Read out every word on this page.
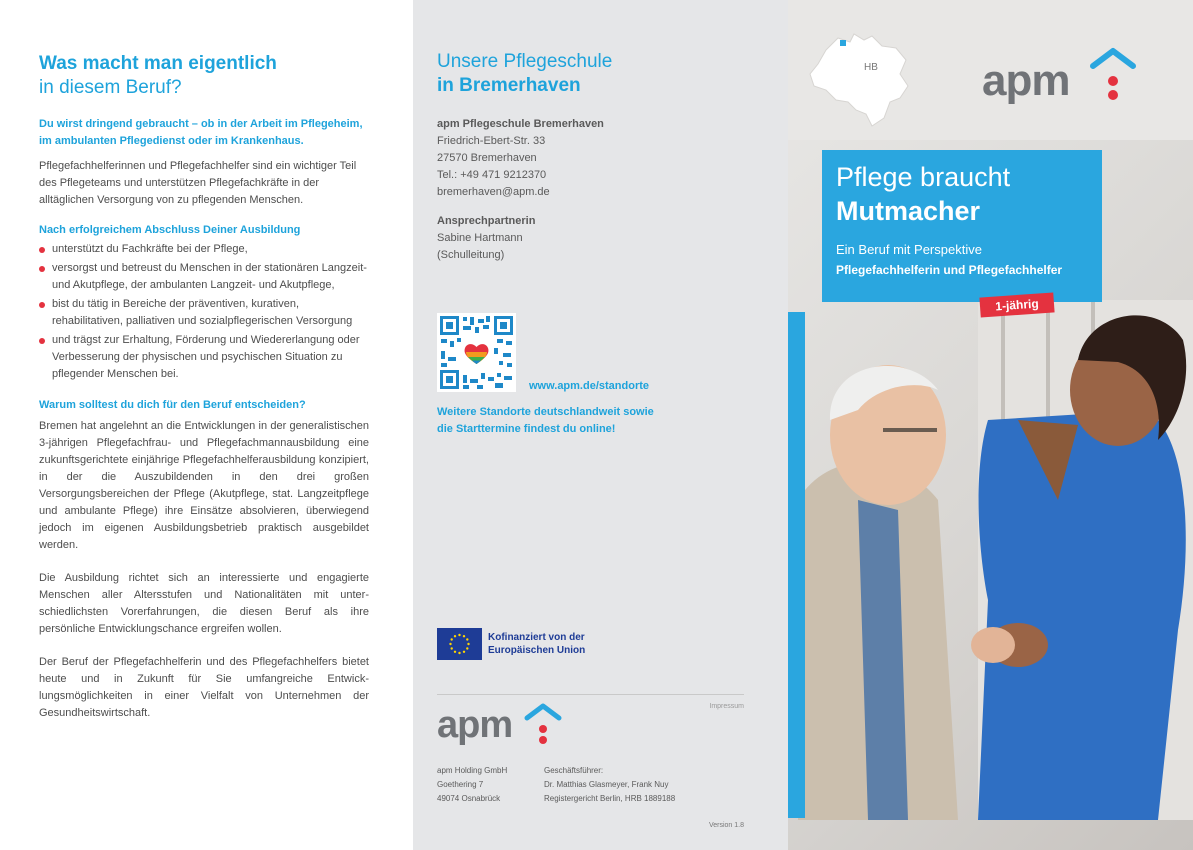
Was macht man eigentlich
in diesem Beruf?
Du wirst dringend gebraucht – ob in der Arbeit im Pflegeheim, im ambulanten Pflegedienst oder im Krankenhaus.
Pflegefachhelferinnen und Pflegefachhelfer sind ein wichtiger Teil des Pflegeteams und unterstützen Pflegefachkräfte in der alltäglichen Versorgung von zu pflegenden Menschen.
Nach erfolgreichem Abschluss Deiner Ausbildung
unterstützt du Fachkräfte bei der Pflege,
versorgst und betreust du Menschen in der stationären Langzeit- und Akutpflege, der ambulanten Langzeit- und Akutpflege,
bist du tätig in Bereiche der präventiven, kurativen, rehabilitativen, palliativen und sozialpflegerischen Versorgung
und trägst zur Erhaltung, Förderung und Wiedererlangung oder Verbesserung der physischen und psychischen Situation zu pflegender Menschen bei.
Warum solltest du dich für den Beruf entscheiden?
Bremen hat angelehnt an die Entwicklungen in der generalistischen 3-jährigen Pflegefachfrau- und Pflegefachmannausbildung eine zukunftsgerichtete einjährige Pflegefachhelferausbildung konzipiert, in der die Auszubildenden in den drei großen Versorgungsbereichen der Pflege (Akutpflege, stat. Langzeitpflege und ambulante Pflege) ihre Einsätze absolvieren, überwiegend jedoch im eigenen Ausbildungsbetrieb praktisch ausgebildet werden.
Die Ausbildung richtet sich an interessierte und engagierte Menschen aller Altersstufen und Nationalitäten mit unterschiedlichsten Vorerfahrungen, die diesen Beruf als ihre persönliche Entwicklungschance ergreifen wollen.
Der Beruf der Pflegefachhelferin und des Pflegefachhelfers bietet heute und in Zukunft für Sie umfangreiche Entwicklungsmöglichkeiten in einer Vielfalt von Unternehmen der Gesundheitswirtschaft.
Unsere Pflegeschule
in Bremerhaven
apm Pflegeschule Bremerhaven
Friedrich-Ebert-Str. 33
27570 Bremerhaven
Tel.: +49 471 9212370
bremerhaven@apm.de
Ansprechpartnerin
Sabine Hartmann
(Schulleitung)
www.apm.de/standorte
Weitere Standorte deutschlandweit sowie die Starttermine findest du online!
Kofinanziert von der
Europäischen Union
Impressum
apm
apm Holding GmbH
Goethering 7
49074 Osnabrück
Geschäftsführer:
Dr. Matthias Glasmeyer, Frank Nuy
Registergericht Berlin, HRB 1889188
Version 1.8
HB apm
Pflege braucht
Mutmacher
Ein Beruf mit Perspektive
Pflegefachhelferin und Pflegefachhelfer
1-jährig
